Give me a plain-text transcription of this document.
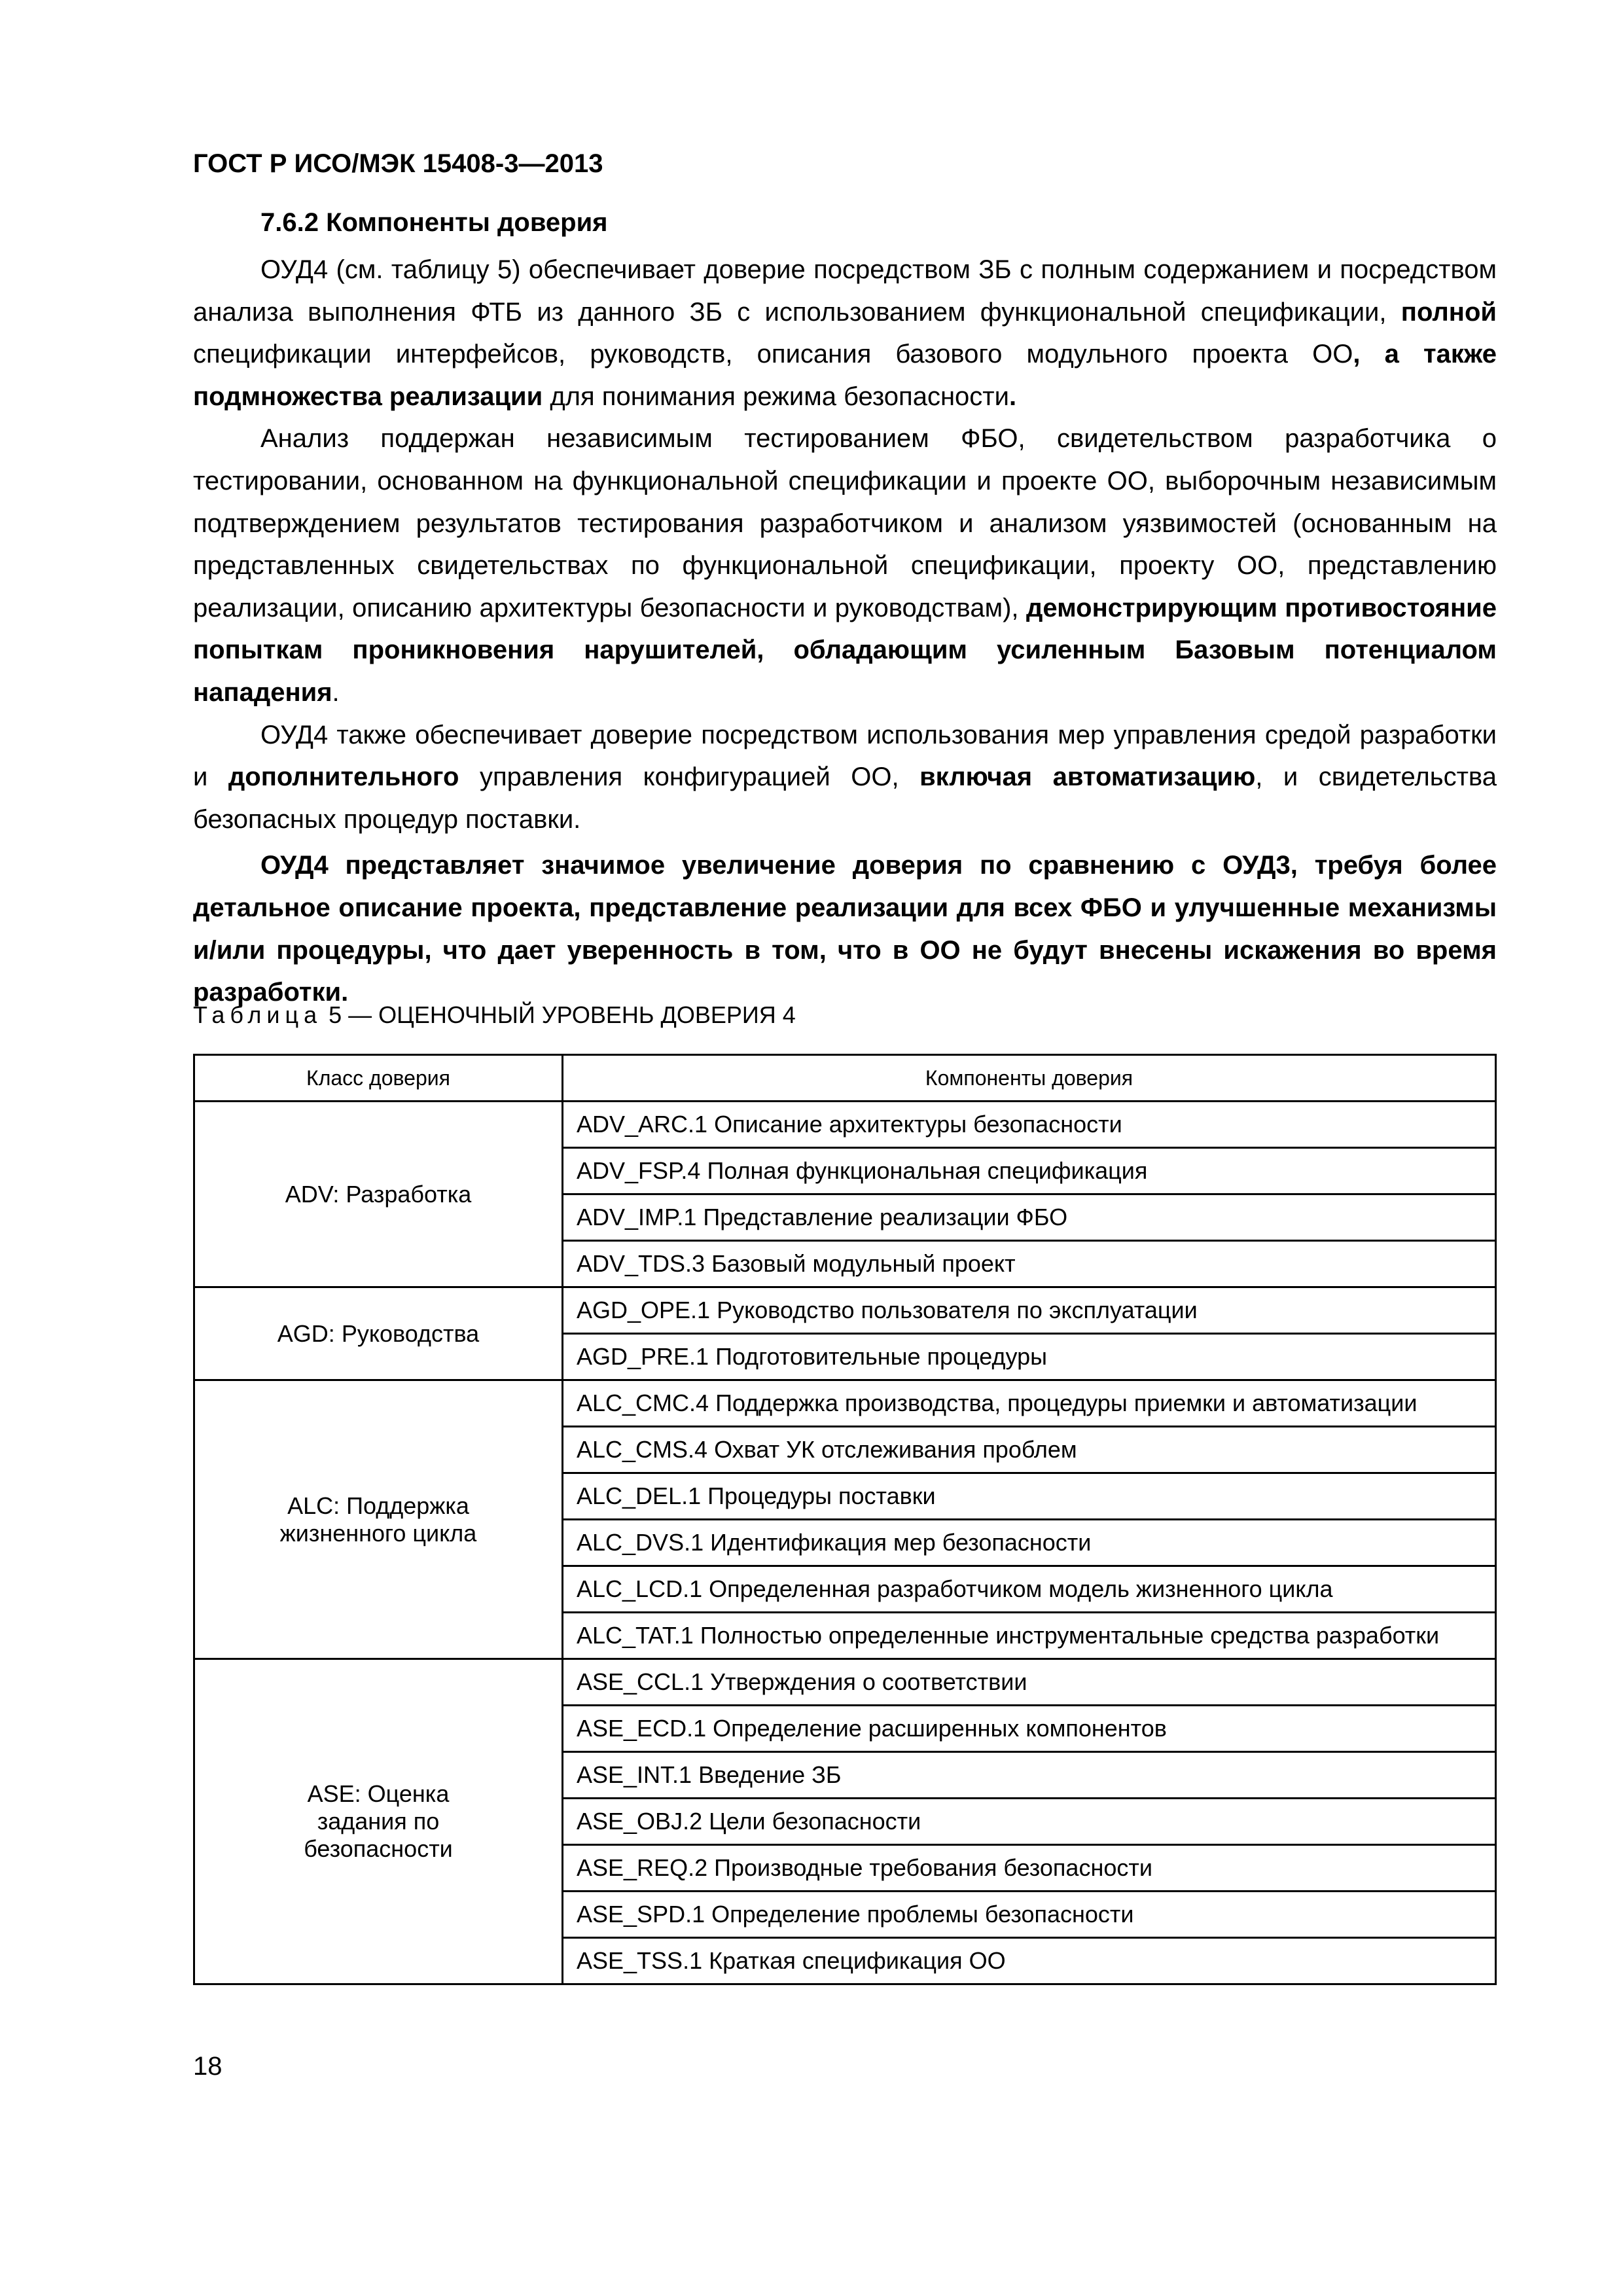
ГОСТ Р ИСО/МЭК 15408-3—2013
7.6.2 Компоненты доверия

ОУД4 (см. таблицу 5) обеспечивает доверие посредством ЗБ с полным содержанием и посредством анализа выполнения ФТБ из данного ЗБ с использованием функциональной спецификации, полной спецификации интерфейсов, руководств, описания базового модульного проекта ОО, а также подмножества реализации для понимания режима безопасности.

Анализ поддержан независимым тестированием ФБО, свидетельством разработчика о тестировании, основанном на функциональной спецификации и проекте ОО, выборочным независимым подтверждением результатов тестирования разработчиком и анализом уязвимостей (основанным на представленных свидетельствах по функциональной спецификации, проекту ОО, представлению реализации, описанию архитектуры безопасности и руководствам), демонстрирующим противостояние попыткам проникновения нарушителей, обладающим усиленным Базовым потенциалом нападения.

ОУД4 также обеспечивает доверие посредством использования мер управления средой разработки и дополнительного управления конфигурацией ОО, включая автоматизацию, и свидетельства безопасных процедур поставки.

ОУД4 представляет значимое увеличение доверия по сравнению с ОУД3, требуя более детальное описание проекта, представление реализации для всех ФБО и улучшенные механизмы и/или процедуры, что дает уверенность в том, что в ОО не будут внесены искажения во время разработки.

Таблица 5 — ОЦЕНОЧНЫЙ УРОВЕНЬ ДОВЕРИЯ 4
Класс доверия	Компоненты доверия

ADV: Разработка	ADV_ARC.1 Описание архитектуры безопасности
	ADV_FSP.4 Полная функциональная спецификация
	ADV_IMP.1 Представление реализации ФБО
	ADV_TDS.3 Базовый модульный проект

AGD: Руководства	AGD_OPE.1 Руководство пользователя по эксплуатации
	AGD_PRE.1 Подготовительные процедуры

ALC: Поддержка жизненного цикла	ALC_CMC.4 Поддержка производства, процедуры приемки и автоматизации
	ALC_CMS.4 Охват УК отслеживания проблем
	ALC_DEL.1 Процедуры поставки
	ALC_DVS.1 Идентификация мер безопасности
	ALC_LCD.1 Определенная разработчиком модель жизненного цикла
	ALC_TAT.1 Полностью определенные инструментальные средства разработки

ASE: Оценка задания по безопасности	ASE_CCL.1 Утверждения о соответствии
	ASE_ECD.1 Определение расширенных компонентов
	ASE_INT.1 Введение ЗБ
	ASE_OBJ.2 Цели безопасности
	ASE_REQ.2 Производные требования безопасности
	ASE_SPD.1 Определение проблемы безопасности
	ASE_TSS.1 Краткая спецификация ОО
18
